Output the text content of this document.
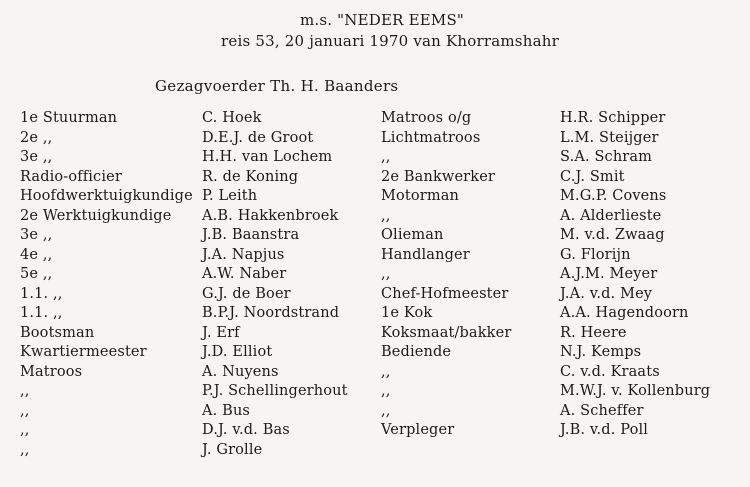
m.s. "NEDER EEMS"
reis 53, 20 januari 1970 van Khorramshahr
Gezagvoerder Th. H. Baanders
1e Stuurman
2e ,,
3e ,,
Radio-officier
Hoofdwerktuigkundige
2e Werktuigkundige
3e ,,
4e ,,
5e ,,
1.1. ,,
1.1. ,,
Bootsman
Kwartiermeester
Matroos
,,
,,
,,
,,
C. Hoek
D.E.J. de Groot
H.H. van Lochem
R. de Koning
P. Leith
A.B. Hakkenbroek
J.B. Baanstra
J.A. Napjus
A.W. Naber
G.J. de Boer
B.P.J. Noordstrand
J. Erf
J.D. Elliot
A. Nuyens
P.J. Schellingerhout
A. Bus
D.J. v.d. Bas
J. Grolle
Matroos o/g
Lichtmatroos
,,
2e Bankwerker
Motorman
,,
Olieman
Handlanger
,,
Chef-Hofmeester
1e Kok
Koksmaat/bakker
Bediende
,,
,,
,,
Verpleger
H.R. Schipper
L.M. Steijger
S.A. Schram
C.J. Smit
M.G.P. Covens
A. Alderlieste
M. v.d. Zwaag
G. Florijn
A.J.M. Meyer
J.A. v.d. Mey
A.A. Hagendoorn
R. Heere
N.J. Kemps
C. v.d. Kraats
M.W.J. v. Kollenburg
A. Scheffer
J.B. v.d. Poll
